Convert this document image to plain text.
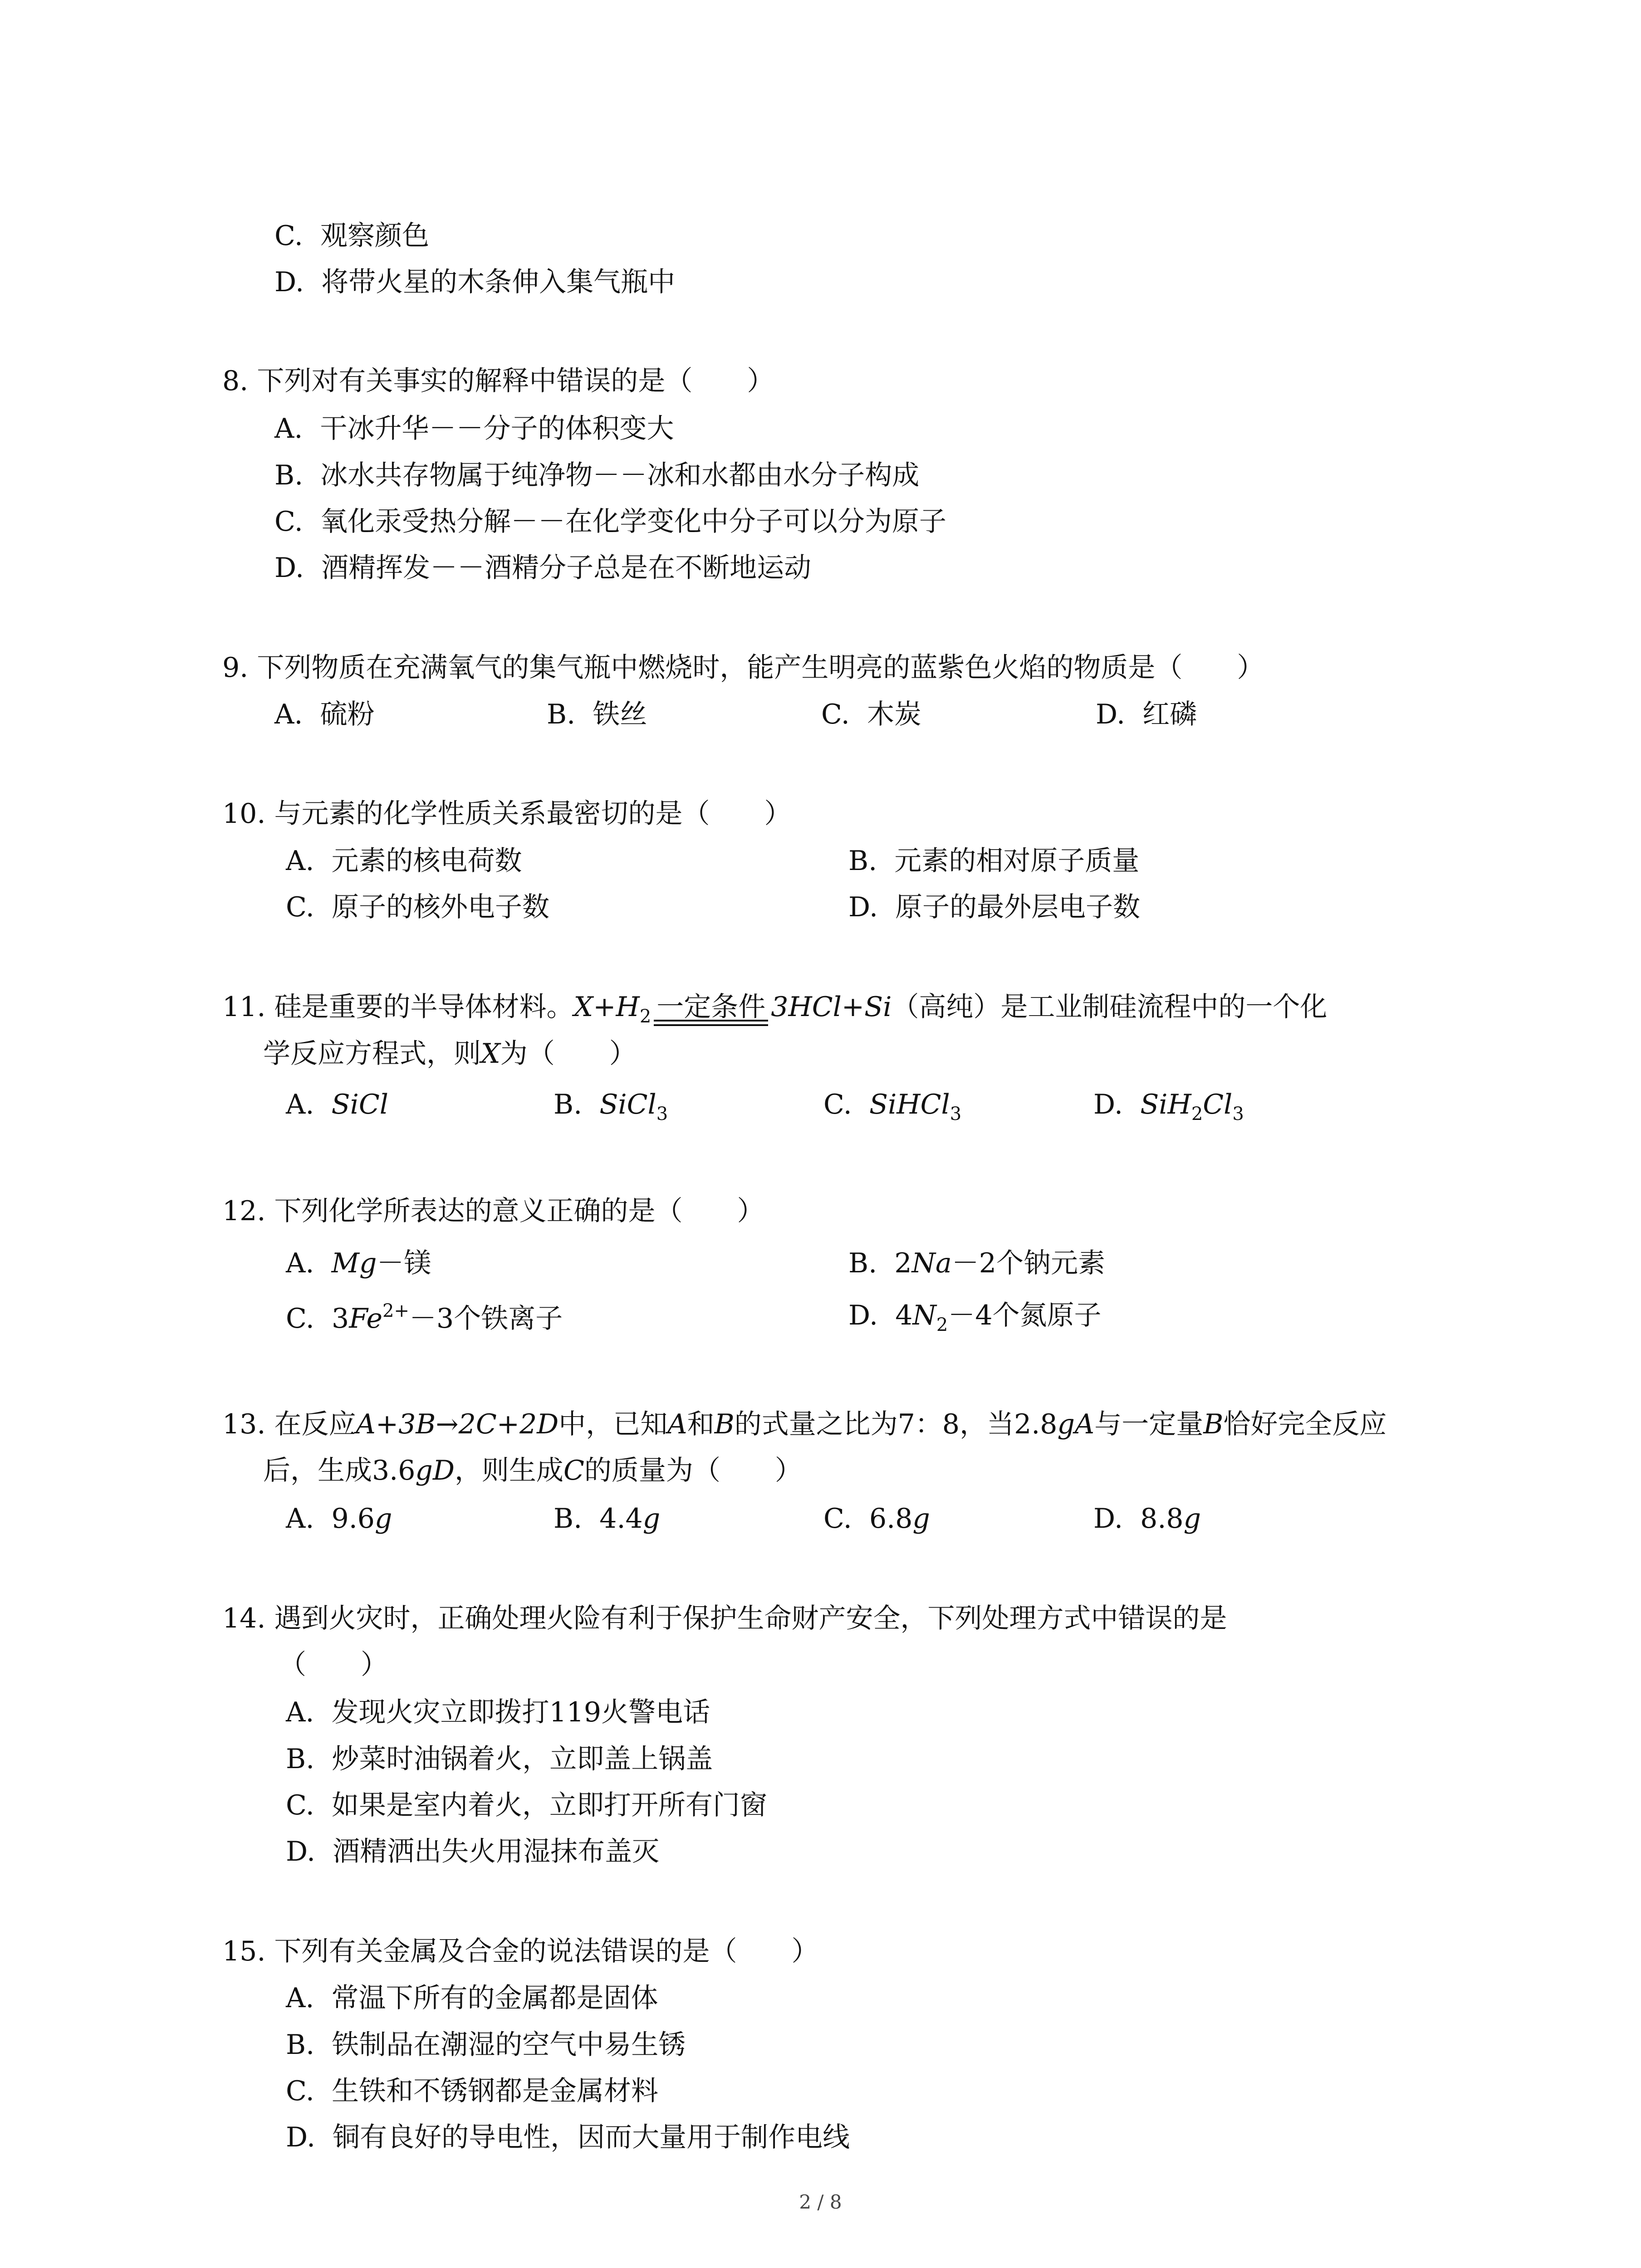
C.  观察颜色
D.  将带火星的木条伸入集气瓶中
8. 下列对有关事实的解释中错误的是（　　）
A.  干冰升华－－分子的体积变大
B.  冰水共存物属于纯净物－－冰和水都由水分子构成
C.  氧化汞受热分解－－在化学变化中分子可以分为原子
D.  酒精挥发－－酒精分子总是在不断地运动
9. 下列物质在充满氧气的集气瓶中燃烧时，能产生明亮的蓝紫色火焰的物质是（　　）
A.  硫粉	B.  铁丝	C.  木炭	D.  红磷
10. 与元素的化学性质关系最密切的是（　　）
A.  元素的核电荷数	B.  元素的相对原子质量
C.  原子的核外电子数	D.  原子的最外层电子数
11. 硅是重要的半导体材料。$X+H_2$ 一定条件 3HCl+Si（高纯）是工业制硅流程中的一个化
学反应方程式，则X为（　　）
A.  SiCl	B.  SiCl$_3$	C.  SiHCl$_3$	D.  $SiH_2Cl_3$
12. 下列化学所表达的意义正确的是（　　）
A.  Mg－镁	B.  2Na－2个钠元素
C.  $3Fe^{2+}-3$个铁离子	D.  $4N_2-4$个氮原子
13. 在反应A+3B→2C+2D中，已知A和B的式量之比为7：8，当2.8gA与一定量B恰好完全反应
后，生成3.6gD，则生成C的质量为（　　）
A.  9.6g	B.  4.4g	C.  6.8g	D.  8.8g
14. 遇到火灾时，正确处理火险有利于保护生命财产安全，下列处理方式中错误的是
（　　）
A.  发现火灾立即拨打119火警电话
B.  炒菜时油锅着火，立即盖上锅盖
C.  如果是室内着火，立即打开所有门窗
D.  酒精洒出失火用湿抹布盖灭
15. 下列有关金属及合金的说法错误的是（　　）
A.  常温下所有的金属都是固体
B.  铁制品在潮湿的空气中易生锈
C.  生铁和不锈钢都是金属材料
D.  铜有良好的导电性，因而大量用于制作电线
2 / 8
